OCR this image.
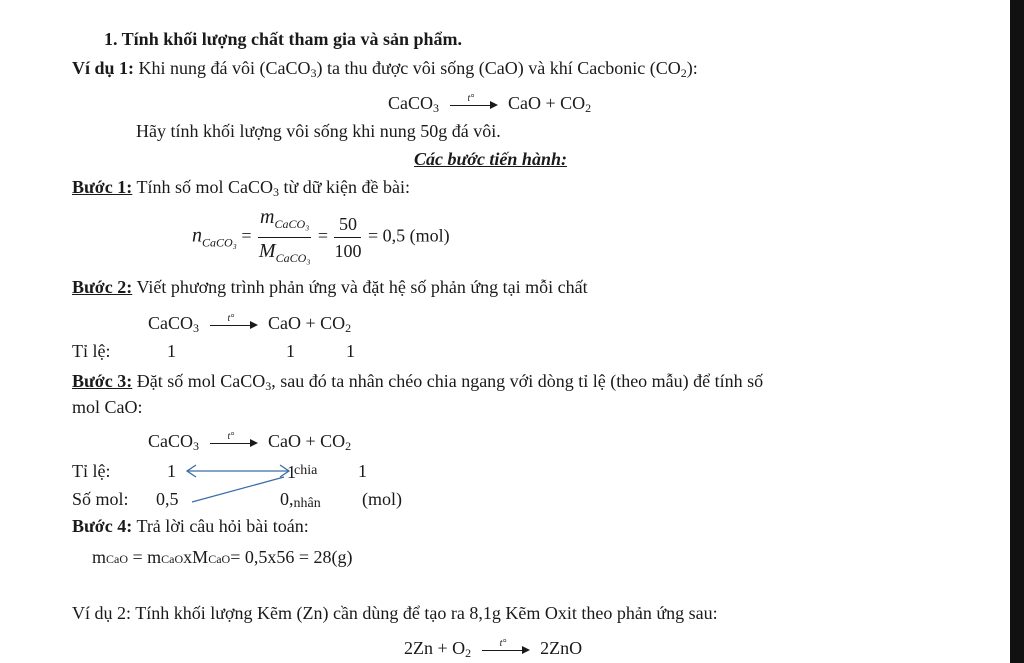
1. Tính khối lượng chất tham gia và sản phẩm.
Ví dụ 1: Khi nung đá vôi (CaCO$_3$) ta thu được vôi sống (CaO) và khí Cacbonic $(CO_2)$:
CaCO$_3$
t° CaO + $CO_2$
Hãy tính khối lượng vôi sống khi nung 50g đá vôi.
Các bước tiến hành:
Bước 1: Tính số mol CaCO$_3$ từ dữ kiện đề bài:
$n_{CaCO_3} = \frac{m_{CaCO_3}}{M_{CaCO_3}} = \frac{50}{100} = 0,5$ (mol)
Bước 2: Viết phương trình phản ứng và đặt hệ số phản ứng tại mỗi chất
CaCO$_3$
t° CaO + $CO_2$
Tỉ lệ:	1	1	1
Bước 3: Đặt số mol CaCO$_3$, sau đó ta nhân chéo chia ngang với dòng tỉ lệ (theo mẫu) để tính số
mol CaO:
CaCO$_3$
t° CaO + $CO_2$
Tỉ lệ:	1	1$^{chia}$ 1
Số mol: 0,5	0,nhân (mol)
Bước 4: Trả lời câu hỏi bài toán:
mCaO = mCaOxMCaO= 0,5x56 = 28(g)
Ví dụ 2: Tính khối lượng Kẽm (Zn) cần dùng để tạo ra 8,1g Kẽm Oxit theo phản ứng sau:
$2Zn + O_2$
t° 2ZnO
